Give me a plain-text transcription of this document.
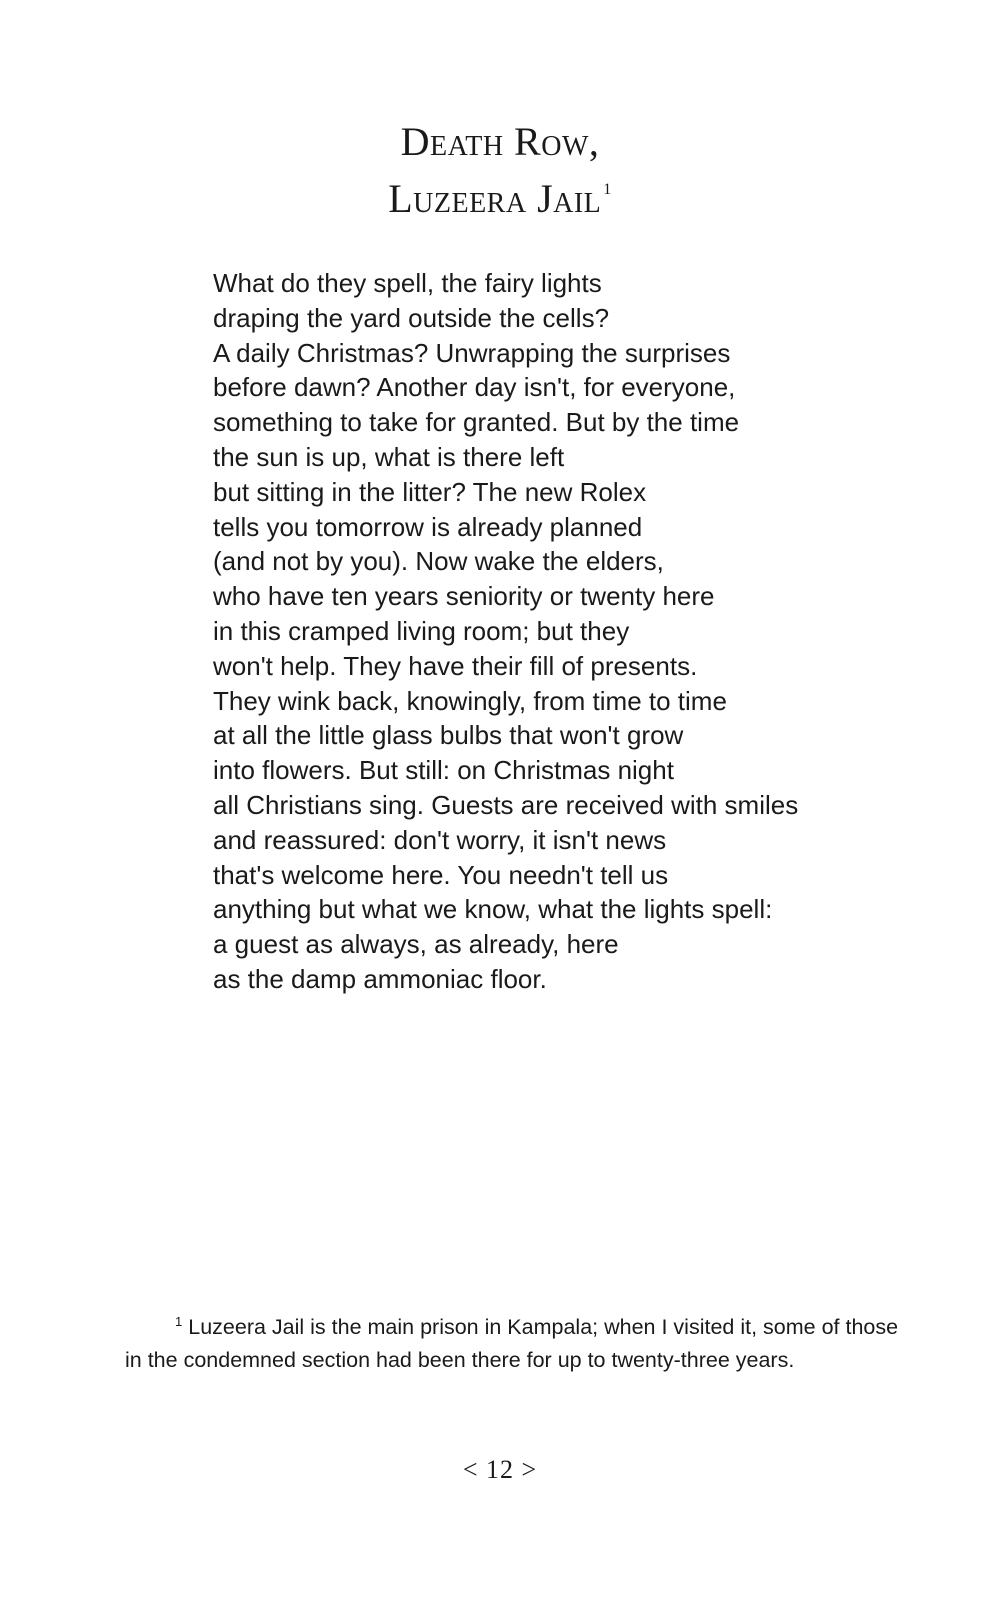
Death Row,
Luzeera Jail $^1$
What do they spell, the fairy lights
draping the yard outside the cells?
A daily Christmas? Unwrapping the surprises
before dawn? Another day isn't, for everyone,
something to take for granted. But by the time
the sun is up, what is there left
but sitting in the litter? The new Rolex
tells you tomorrow is already planned
(and not by you). Now wake the elders,
who have ten years seniority or twenty here
in this cramped living room; but they
won't help. They have their fill of presents.
They wink back, knowingly, from time to time
at all the little glass bulbs that won't grow
into flowers. But still: on Christmas night
all Christians sing. Guests are received with smiles
and reassured: don't worry, it isn't news
that's welcome here. You needn't tell us
anything but what we know, what the lights spell:
a guest as always, as already, here
as the damp ammoniac floor.
$^1$ Luzeera Jail is the main prison in Kampala; when I visited it, some of those in the condemned section had been there for up to twenty-three years.
< 12 >
